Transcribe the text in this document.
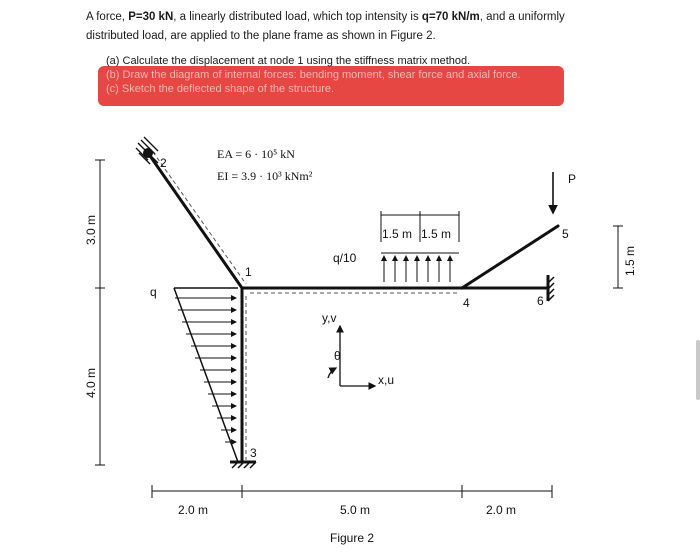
A force, P=30 kN, a linearly distributed load, which top intensity is q=70 kN/m, and a uniformly
distributed load, are applied to the plane frame as shown in Figure 2.
(a) Calculate the displacement at node 1 using the stiffness matrix method.
(b) Draw the diagram of internal forces: bending moment, shear force and axial force.
(c) Sketch the deflected shape of the structure.
EA = 6 · 10⁵ kN
EI = 3.9 · 10³ kNm²
q
q/10
P
1
2
3
4
5
6
1.5 m 1.5 m
3.0 m
4.0 m
1.5 m
2.0 m	5.0 m	2.0 m
y,v
x,u
θ
Figure 2
